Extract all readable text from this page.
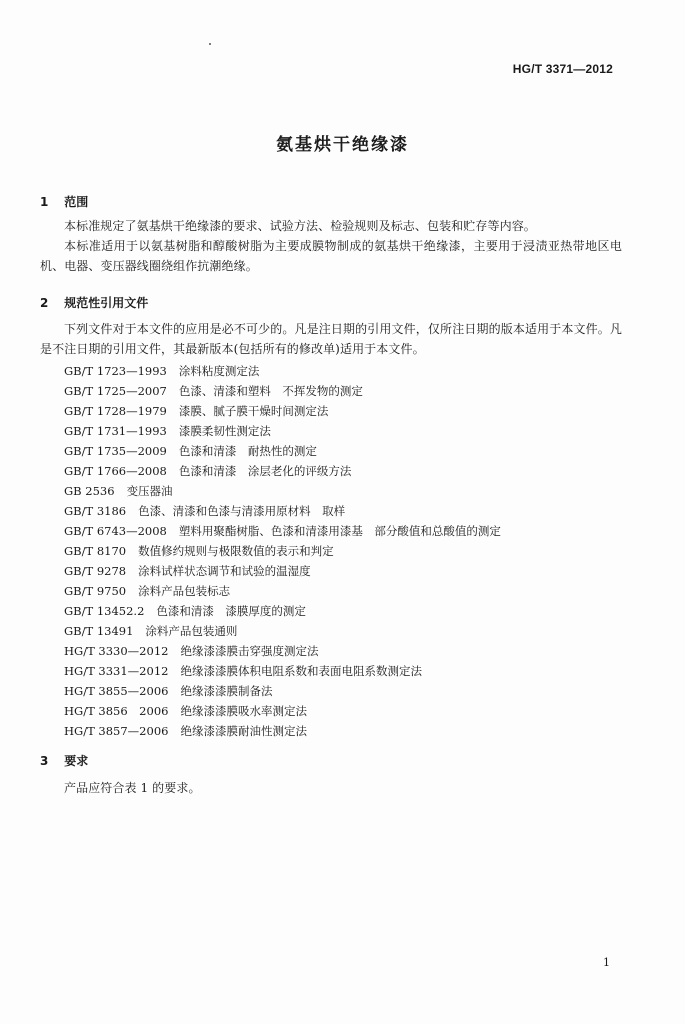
HG/T 3371—2012
氨基烘干绝缘漆
1 范围

本标准规定了氨基烘干绝缘漆的要求、试验方法、检验规则及标志、包装和贮存等内容。

本标准适用于以氨基树脂和醇酸树脂为主要成膜物制成的氨基烘干绝缘漆，主要用于浸渍亚热带地区电机、电器、变压器线圈绕组作抗潮绝缘。

2 规范性引用文件

下列文件对于本文件的应用是必不可少的。凡是注日期的引用文件，仅所注日期的版本适用于本文件。凡是不注日期的引用文件，其最新版本(包括所有的修改单)适用于本文件。

GB/T 1723—1993 涂料粘度测定法
GB/T 1725—2007 色漆、清漆和塑料　不挥发物的测定
GB/T 1728—1979 漆膜、腻子膜干燥时间测定法
GB/T 1731—1993 漆膜柔韧性测定法
GB/T 1735—2009 色漆和清漆　耐热性的测定
GB/T 1766—2008 色漆和清漆　涂层老化的评级方法
GB 2536 变压器油
GB/T 3186 色漆、清漆和色漆与清漆用原材料　取样
GB/T 6743—2008 塑料用聚酯树脂、色漆和清漆用漆基　部分酸值和总酸值的测定
GB/T 8170 数值修约规则与极限数值的表示和判定
GB/T 9278 涂料试样状态调节和试验的温湿度
GB/T 9750 涂料产品包装标志
GB/T 13452.2 色漆和清漆　漆膜厚度的测定
GB/T 13491 涂料产品包装通则
HG/T 3330—2012 绝缘漆漆膜击穿强度测定法
HG/T 3331—2012 绝缘漆漆膜体积电阻系数和表面电阻系数测定法
HG/T 3855—2006 绝缘漆漆膜制备法
HG/T 3856　2006 绝缘漆漆膜吸水率测定法
HG/T 3857—2006 绝缘漆漆膜耐油性测定法
3 要求

产品应符合表 1 的要求。

1
